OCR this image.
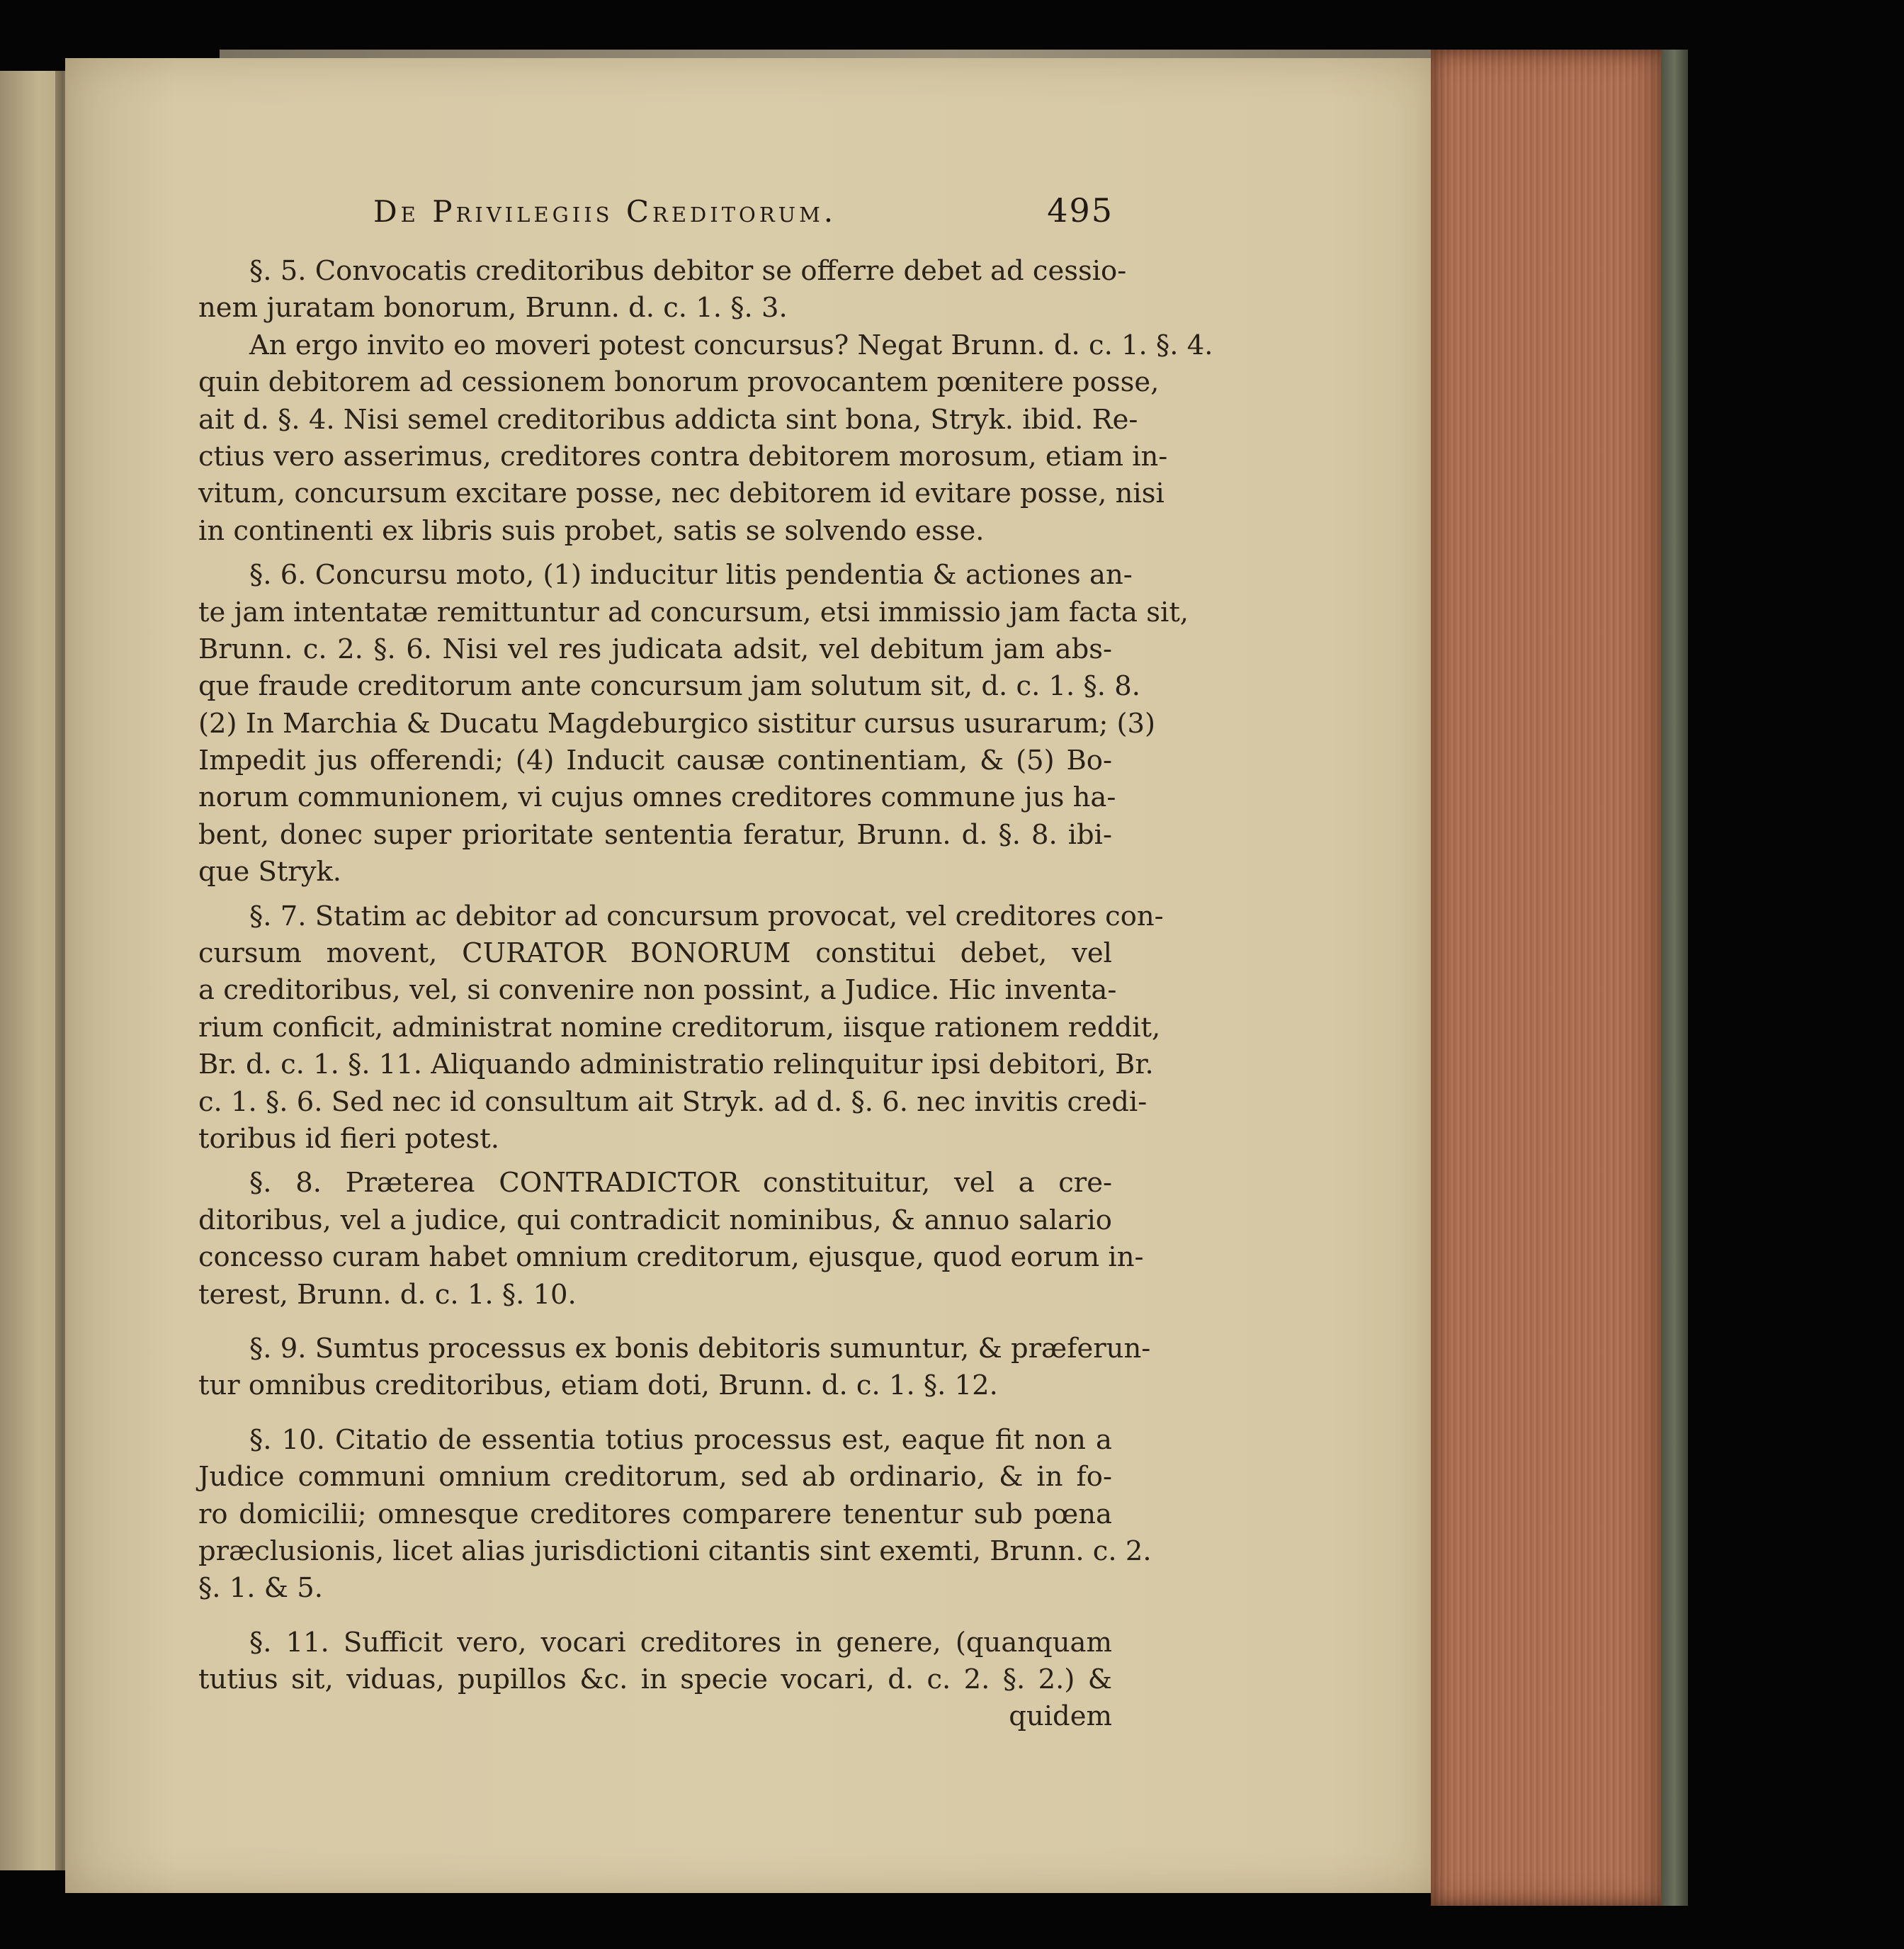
De Privilegiis Creditorum.	495
§. 5. Convocatis creditoribus debitor se offerre debet ad cessio-
nem juratam bonorum, Brunn. d. c. 1. §. 3.
An ergo invito eo moveri potest concursus? Negat Brunn. d. c. 1. §. 4.
quin debitorem ad cessionem bonorum provocantem pœnitere posse,
ait d. §. 4. Nisi semel creditoribus addicta sint bona, Stryk. ibid. Re-
ctius vero asserimus, creditores contra debitorem morosum, etiam in-
vitum, concursum excitare posse, nec debitorem id evitare posse, nisi
in continenti ex libris suis probet, satis se solvendo esse.
§. 6. Concursu moto, (1) inducitur litis pendentia & actiones an-
te jam intentatæ remittuntur ad concursum, etsi immissio jam facta sit,
Brunn. c. 2. §. 6. Nisi vel res judicata adsit, vel debitum jam abs-
que fraude creditorum ante concursum jam solutum sit, d. c. 1. §. 8.
(2) In Marchia & Ducatu Magdeburgico sistitur cursus usurarum; (3)
Impedit jus offerendi; (4) Inducit causæ continentiam, & (5) Bo-
norum communionem, vi cujus omnes creditores commune jus ha-
bent, donec super prioritate sententia feratur, Brunn. d. §. 8. ibi-
que Stryk.
§. 7. Statim ac debitor ad concursum provocat, vel creditores con-
cursum movent, CURATOR BONORUM constitui debet, vel
a creditoribus, vel, si convenire non possint, a Judice. Hic inventa-
rium conficit, administrat nomine creditorum, iisque rationem reddit,
Br. d. c. 1. §. 11. Aliquando administratio relinquitur ipsi debitori, Br.
c. 1. §. 6. Sed nec id consultum ait Stryk. ad d. §. 6. nec invitis credi-
toribus id fieri potest.
§. 8. Præterea CONTRADICTOR constituitur, vel a cre-
ditoribus, vel a judice, qui contradicit nominibus, & annuo salario
concesso curam habet omnium creditorum, ejusque, quod eorum in-
terest, Brunn. d. c. 1. §. 10.
§. 9. Sumtus processus ex bonis debitoris sumuntur, & præferun-
tur omnibus creditoribus, etiam doti, Brunn. d. c. 1. §. 12.
§. 10. Citatio de essentia totius processus est, eaque fit non a
Judice communi omnium creditorum, sed ab ordinario, & in fo-
ro domicilii; omnesque creditores comparere tenentur sub pœna
præclusionis, licet alias jurisdictioni citantis sint exemti, Brunn. c. 2.
§. 1. & 5.
§. 11. Sufficit vero, vocari creditores in genere, (quanquam
tutius sit, viduas, pupillos &c. in specie vocari, d. c. 2. §. 2.) &
quidem
